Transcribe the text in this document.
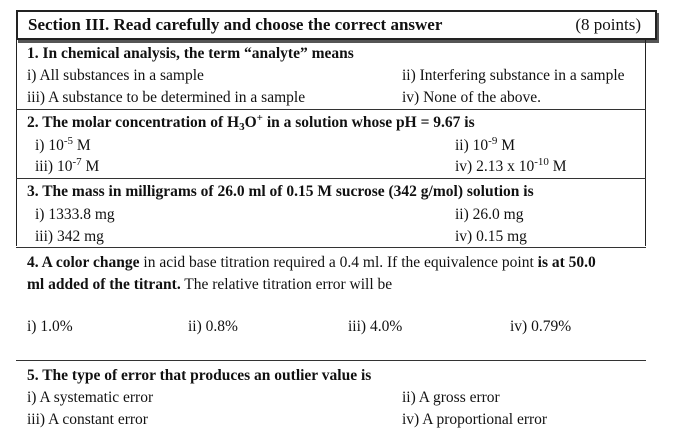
Section III. Read carefully and choose the correct answer	(8 points)
1. In chemical analysis, the term “analyte” means
i) All substances in a sample	ii) Interfering substance in a sample
iii) A substance to be determined in a sample	iv) None of the above.
2. The molar concentration of $H_3O^+$ in a solution whose pH = 9.67 is
i) $10^{-5}$ M	ii) $10^{-9}$ M
iii) $10^{-7}$ M	iv) 2.13 x $10^{-10}$ M
3. The mass in milligrams of 26.0 ml of 0.15 M sucrose (342 g/mol) solution is
i) 1333.8 mg	ii) 26.0 mg
iii) 342 mg	iv) 0.15 mg
4. A color change in acid base titration required a 0.4 ml. If the equivalence point is at 50.0
ml added of the titrant. The relative titration error will be
i) 1.0%	ii) 0.8%	iii) 4.0%	iv) 0.79%
5. The type of error that produces an outlier value is
i) A systematic error	ii) A gross error
iii) A constant error	iv) A proportional error
